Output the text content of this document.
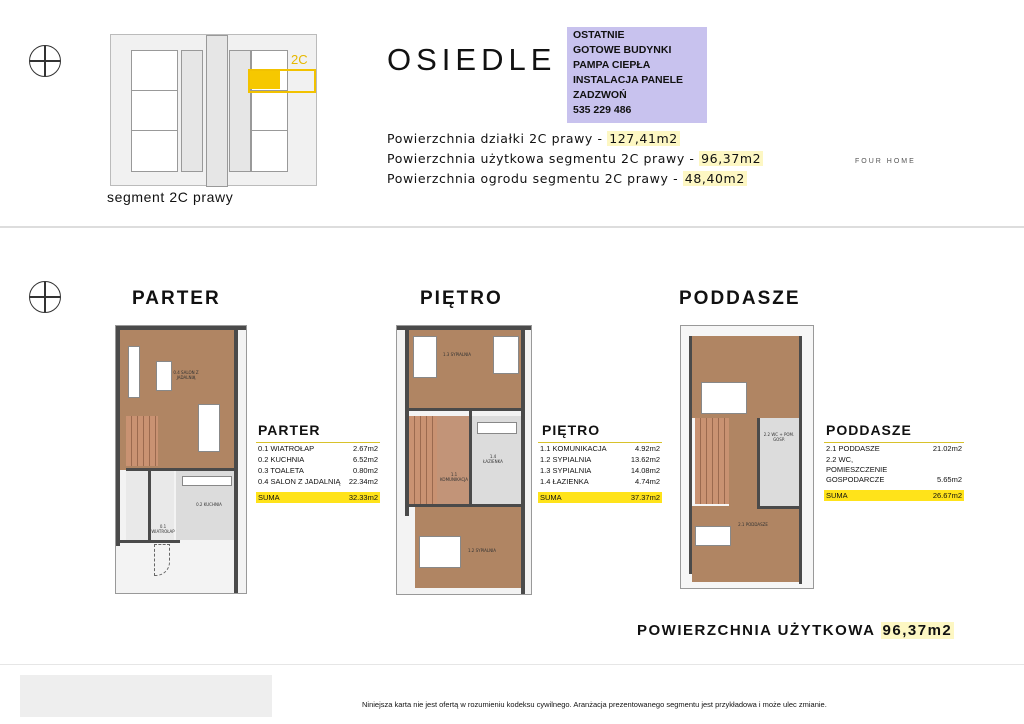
2C
segment 2C prawy
OSIEDLE
OSTATNIE
GOTOWE BUDYNKI
PAMPA CIEPŁA
INSTALACJA PANELE
ZADZWOŃ
535 229 486
Powierzchnia działki 2C prawy - 127,41m2
Powierzchnia użytkowa segmentu 2C prawy - 96,37m2
Powierzchnia ogrodu segmentu 2C prawy - 48,40m2
FOUR HOME
PARTER	PIĘTRO	PODDASZE
0.4 SALON Z JADALNIĄ
0.2 KUCHNIA
0.1 WIATROŁAP
PARTER
0.1 WIATROŁAP	2.67m2
0.2 KUCHNIA	6.52m2
0.3 TOALETA	0.80m2
0.4 SALON Z JADALNIĄ 22.34m2
SUMA	32.33m2
1.3 SYPIALNIA
1.4 ŁAZIENKA
1.1 KOMUNIKACJA
1.2 SYPIALNIA
PIĘTRO
1.1 KOMUNIKACJA	4.92m2
1.2 SYPIALNIA	13.62m2
1.3 SYPIALNIA	14.08m2
1.4 ŁAZIENKA	4.74m2
SUMA	37.37m2
2.2 WC + POM. GOSP.
2.1 PODDASZE
PODDASZE
2.1 PODDASZE	21.02m2
2.2 WC, POMIESZCZENIE GOSPODARCZE	5.65m2
SUMA	26.67m2
POWIERZCHNIA UŻYTKOWA 96,37m2
Niniejsza karta nie jest ofertą w rozumieniu kodeksu cywilnego. Aranżacja prezentowanego segmentu jest przykładowa i może ulec zmianie.
